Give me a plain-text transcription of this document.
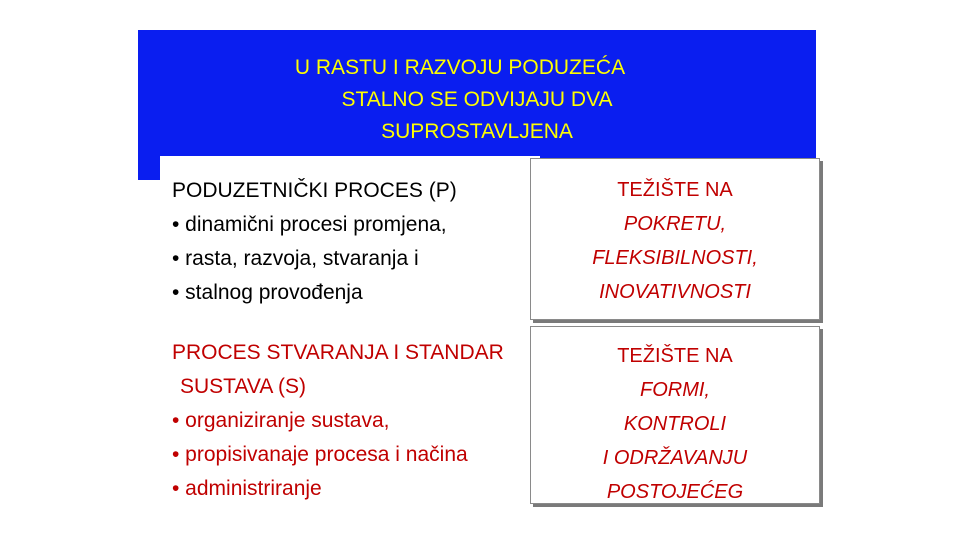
U RASTU I RAZVOJU PODUZEĆA
STALNO SE ODVIJAJU DVA
SUPROSTAVLJENA
PODUZETNIČKI PROCES (P)
• dinamični procesi promjena,
• rasta, razvoja, stvaranja i
• stalnog provođenja
PROCES STVARANJA I STANDAR
SUSTAVA (S)
• organiziranje sustava,
• propisivanaje procesa i načina
• administriranje
TEŽIŠTE NA
POKRETU,
FLEKSIBILNOSTI,
INOVATIVNOSTI
TEŽIŠTE NA
FORMI,
KONTROLI
I ODRŽAVANJU
POSTOJEĆEG
